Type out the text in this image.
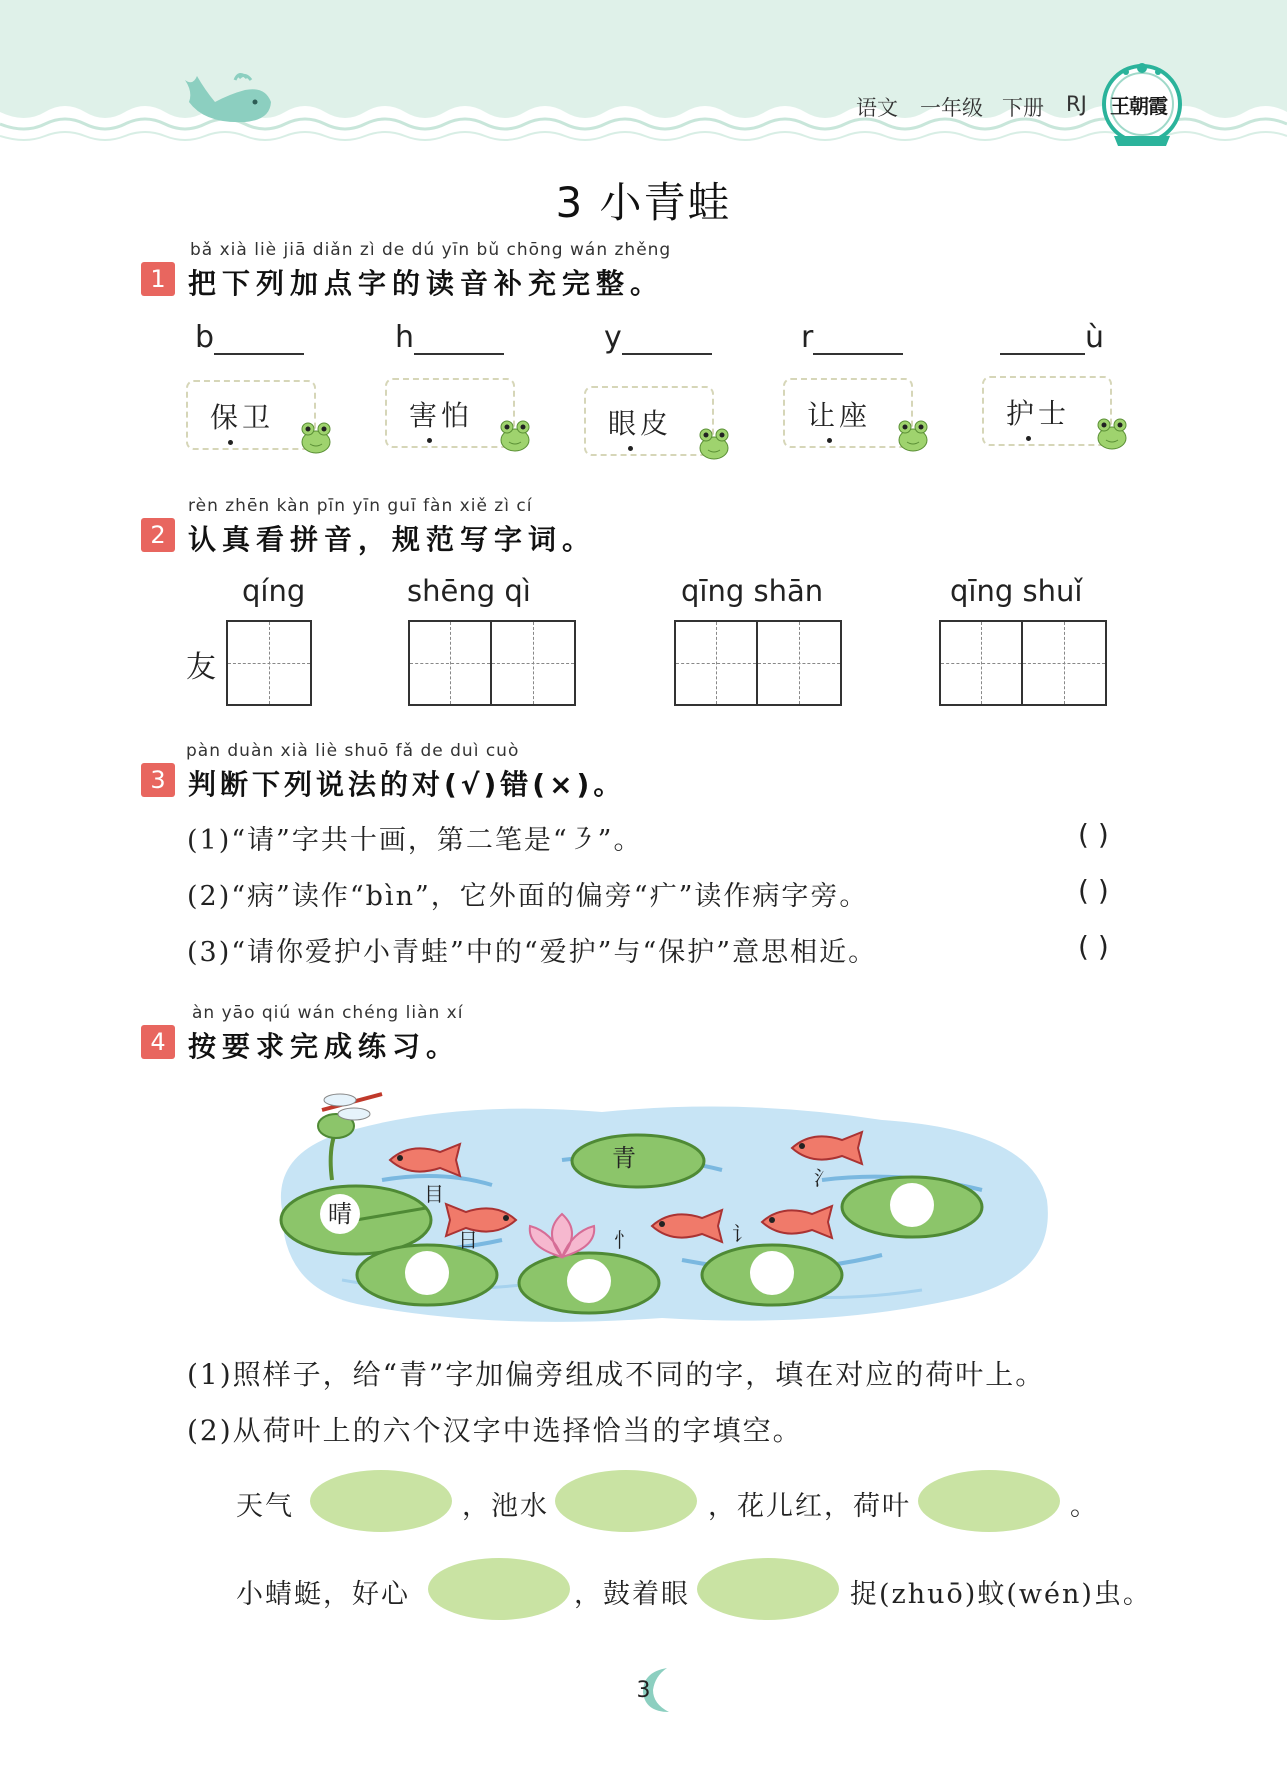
语文 一年级 下册 RJ 王朝霞
3 小青蛙
1
bǎ xià liè jiā diǎn zì de dú yīn bǔ chōng wán zhěng
把下列加点字的读音补充完整。
b	h	y	r	ù
保卫	害怕	眼皮	让座	护士
2
rèn zhēn kàn pīn yīn guī fàn xiě zì cí
认真看拼音，规范写字词。
qíng	shēng qì	qīng shān	qīng shuǐ
友
3
pàn duàn xià liè shuō fǎ de duì cuò
判断下列说法的对(√)错(×)。
(1)“请”字共十画，第二笔是“㇋”。	( )
(2)“病”读作“bìn”，它外面的偏旁“疒”读作病字旁。	( )
(3)“请你爱护小青蛙”中的“爱护”与“保护”意思相近。	( )
4
àn yāo qiú wán chéng liàn xí
按要求完成练习。
晴
青
目
日	忄
氵
讠
(1)照样子，给“青”字加偏旁组成不同的字，填在对应的荷叶上。
(2)从荷叶上的六个汉字中选择恰当的字填空。
天气	，池水	，花儿红，荷叶	。
小蜻蜓，好心	，鼓着眼	捉(zhuō)蚊(wén)虫。
3
